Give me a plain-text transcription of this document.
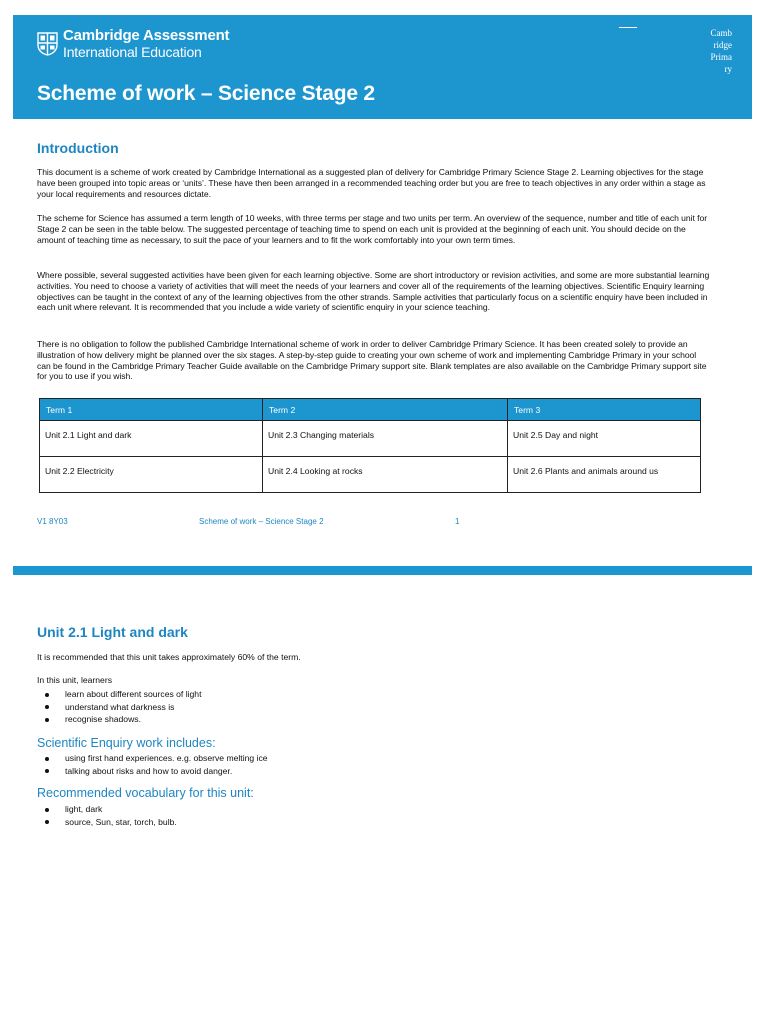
Cambridge Assessment
International Education
Scheme of work – Science Stage 2
Camb
ridge
Prima
ry
Introduction

This document is a scheme of work created by Cambridge International as a suggested plan of delivery for Cambridge Primary Science Stage 2. Learning objectives for the stage have been grouped into topic areas or ‘units’. These have then been arranged in a recommended teaching order but you are free to teach objectives in any order within a stage as your local requirements and resources dictate.

The scheme for Science has assumed a term length of 10 weeks, with three terms per stage and two units per term. An overview of the sequence, number and title of each unit for Stage 2 can be seen in the table below. The suggested percentage of teaching time to spend on each unit is provided at the beginning of each unit. You should decide on the amount of teaching time as necessary, to suit the pace of your learners and to fit the work comfortably into your own term times.

Where possible, several suggested activities have been given for each learning objective. Some are short introductory or revision activities, and some are more substantial learning activities. You need to choose a variety of activities that will meet the needs of your learners and cover all of the requirements of the learning objectives. Scientific Enquiry learning objectives can be taught in the context of any of the learning objectives from the other strands. Sample activities that particularly focus on a scientific enquiry have been included in each unit where relevant. It is recommended that you include a wide variety of scientific enquiry in your science teaching.

There is no obligation to follow the published Cambridge International scheme of work in order to deliver Cambridge Primary Science. It has been created solely to provide an illustration of how delivery might be planned over the six stages. A step-by-step guide to creating your own scheme of work and implementing Cambridge Primary in your school can be found in the Cambridge Primary Teacher Guide available on the Cambridge Primary support site. Blank templates are also available on the Cambridge Primary support site for you to use if you wish.

Term 1	Term 2	Term 3
Unit 2.1 Light and dark	Unit 2.3 Changing materials	Unit 2.5 Day and night
Unit 2.2 Electricity	Unit 2.4 Looking at rocks	Unit 2.6 Plants and animals around us
V1 8Y03	Scheme of work – Science Stage 2	1
Unit 2.1 Light and dark

It is recommended that this unit takes approximately 60% of the term.

In this unit, learners

learn about different sources of light
understand what darkness is
recognise shadows.
Scientific Enquiry work includes:
using first hand experiences. e.g. observe melting ice
talking about risks and how to avoid danger.
Recommended vocabulary for this unit:
light, dark
source, Sun, star, torch, bulb.
